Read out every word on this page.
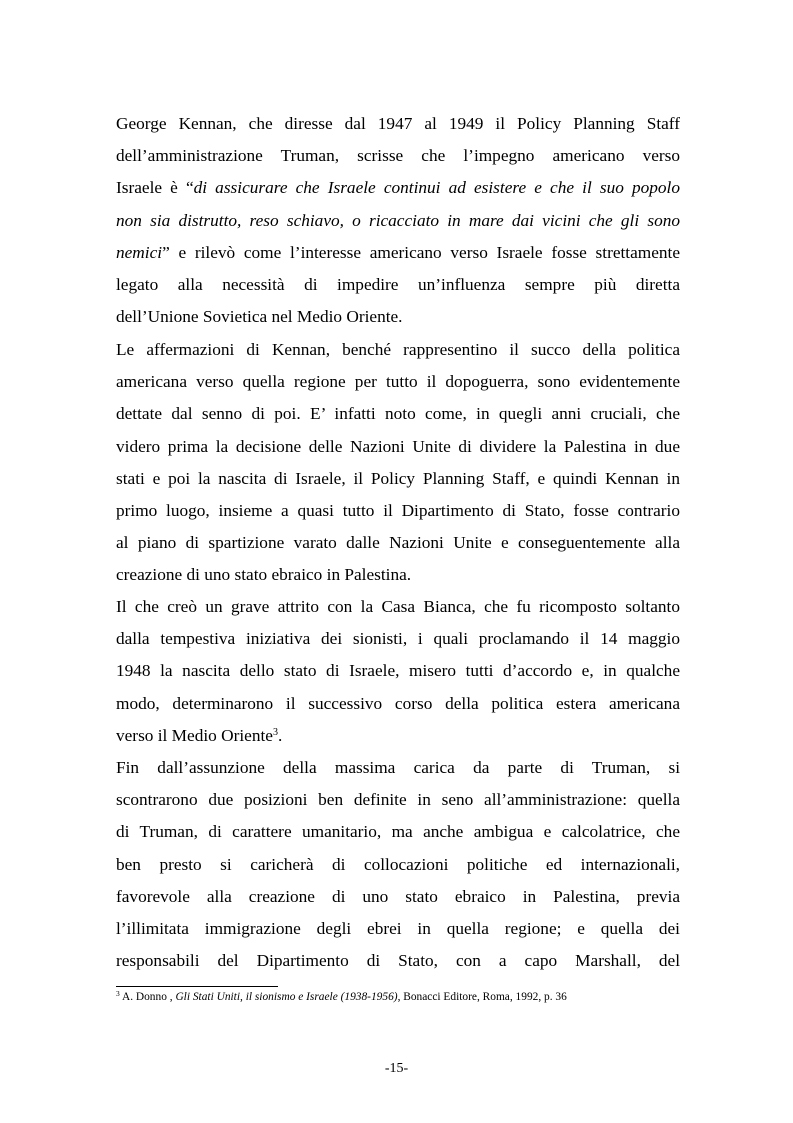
George Kennan, che diresse dal 1947 al 1949 il Policy Planning Staff
dell’amministrazione Truman, scrisse che l’impegno americano verso
Israele è “di assicurare che Israele continui ad esistere e che il suo popolo
non sia distrutto, reso schiavo, o ricacciato in mare dai vicini che gli sono
nemici” e rilevò come l’interesse americano verso Israele fosse strettamente
legato alla necessità di impedire un’influenza sempre più diretta
dell’Unione Sovietica nel Medio Oriente.
Le affermazioni di Kennan, benché rappresentino il succo della politica
americana verso quella regione per tutto il dopoguerra, sono evidentemente
dettate dal senno di poi. E’ infatti noto come, in quegli anni cruciali, che
videro prima la decisione delle Nazioni Unite di dividere la Palestina in due
stati e poi la nascita di Israele, il Policy Planning Staff, e quindi Kennan in
primo luogo, insieme a quasi tutto il Dipartimento di Stato, fosse contrario
al piano di spartizione varato dalle Nazioni Unite e conseguentemente alla
creazione di uno stato ebraico in Palestina.
Il che creò un grave attrito con la Casa Bianca, che fu ricomposto soltanto
dalla tempestiva iniziativa dei sionisti, i quali proclamando il 14 maggio
1948 la nascita dello stato di Israele, misero tutti d’accordo e, in qualche
modo, determinarono il successivo corso della politica estera americana
verso il Medio Oriente$^3$.
Fin dall’assunzione della massima carica da parte di Truman, si
scontrarono due posizioni ben definite in seno all’amministrazione: quella
di Truman, di carattere umanitario, ma anche ambigua e calcolatrice, che
ben presto si caricherà di collocazioni politiche ed internazionali,
favorevole alla creazione di uno stato ebraico in Palestina, previa
l’illimitata immigrazione degli ebrei in quella regione; e quella dei
responsabili del Dipartimento di Stato, con a capo Marshall, del
$^3$ A. Donno , Gli Stati Uniti, il sionismo e Israele (1938-1956), Bonacci Editore, Roma, 1992, p. 36
-15-
